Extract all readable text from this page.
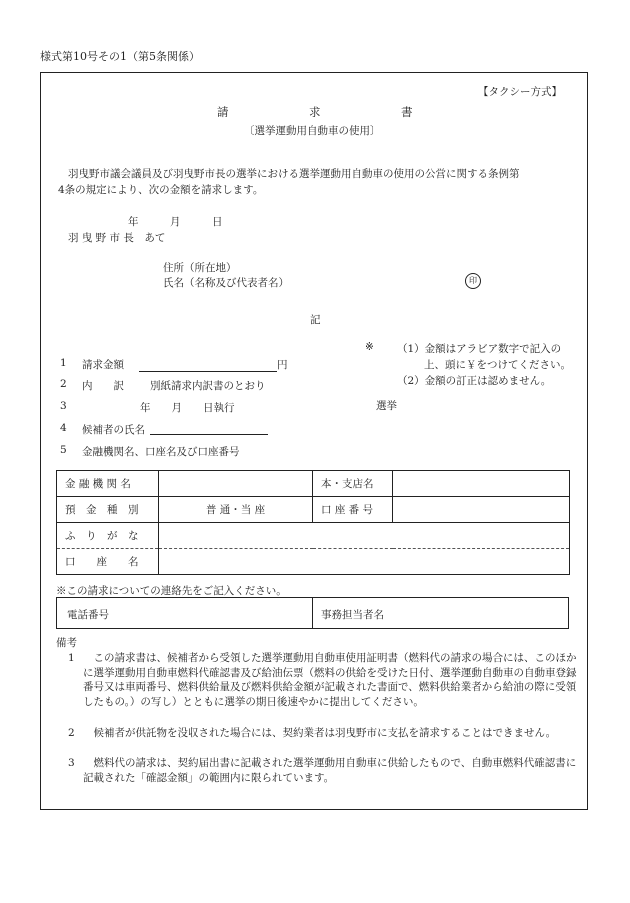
様式第10号その1（第5条関係）
【タクシー方式】
請　　　　　　　求　　　　　　　書
〔選挙運動用自動車の使用〕
羽曳野市議会議員及び羽曳野市長の選挙における選挙運動用自動車の使用の公営に関する条例第
4条の規定により、次の金額を請求します。
年　　　月　　　日
羽 曳 野 市 長　あて
住所（所在地）
氏名（名称及び代表者名）	印
記
※ （1）金額はアラビア数字で記入の
上、頭に￥をつけてください。
（2）金額の訂正は認めません。
1 請求金額	円
2 内　　訳 別紙請求内訳書のとおり
3	年　　月　　日執行	選挙
4 候補者の氏名
5 金融機関名、口座名及び口座番号
金 融 機 関 名		本・支店名	
預　金　種　別	普 通・当 座	口 座 番 号	
ふ　り　が　な			
口　　座　　名			
※この請求についての連絡先をご記入ください。
電話番号	事務担当者名
備考
1 　この請求書は、候補者から受領した選挙運動用自動車使用証明書（燃料代の請求の場合には、このほかに選挙運動用自動車燃料代確認書及び給油伝票（燃料の供給を受けた日付、選挙運動自動車の自動車登録番号又は車両番号、燃料供給量及び燃料供給金額が記載された書面で、燃料供給業者から給油の際に受領したもの。）の写し）とともに選挙の期日後速やかに提出してください。
2 　候補者が供託物を没収された場合には、契約業者は羽曳野市に支払を請求することはできません。
3 　燃料代の請求は、契約届出書に記載された選挙運動用自動車に供給したもので、自動車燃料代確認書に記載された「確認金額」の範囲内に限られています。
